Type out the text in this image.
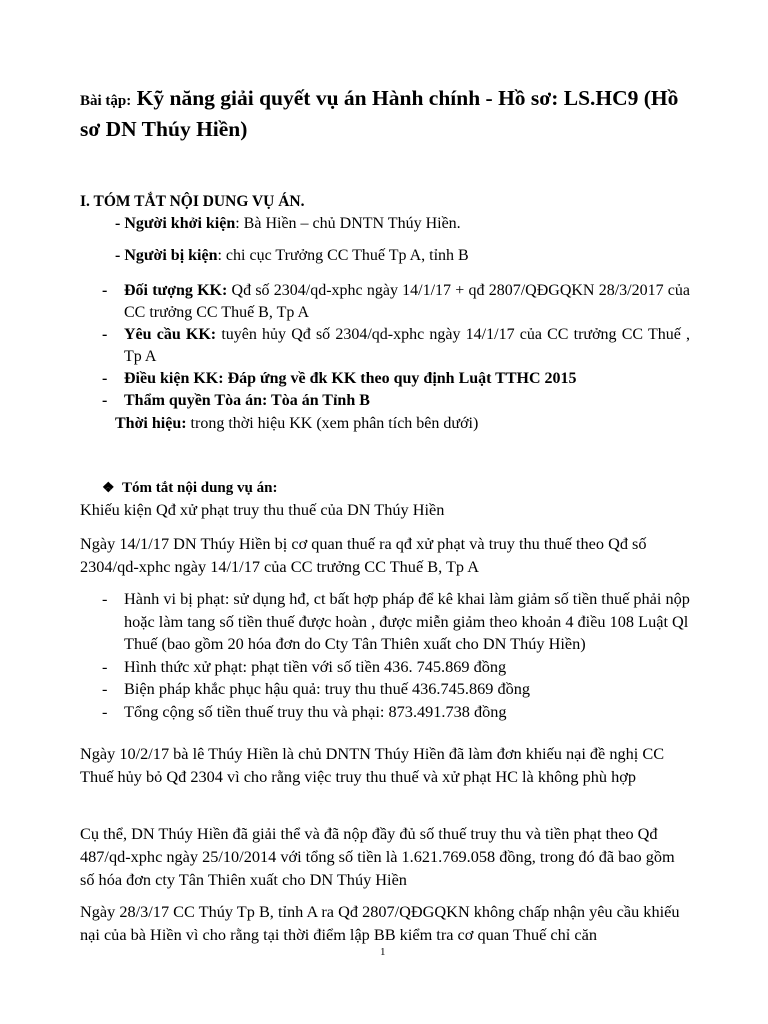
Bài tập: Kỹ năng giải quyết vụ án Hành chính - Hồ sơ: LS.HC9 (Hồ sơ DN Thúy Hiền)
I. TÓM TẮT NỘI DUNG VỤ ÁN.
- Người khởi kiện: Bà Hiền – chủ DNTN Thúy Hiền.
- Người bị kiện: chi cục Trưởng CC Thuế Tp A, tỉnh B
- Đối tượng KK: Qđ số 2304/qd-xphc ngày 14/1/17 + qđ 2807/QĐGQKN 28/3/2017 của CC trưởng CC Thuế B, Tp A
- Yêu cầu KK: tuyên hủy Qđ số 2304/qd-xphc ngày 14/1/17 của CC trưởng CC Thuế , Tp A
- Điều kiện KK: Đáp ứng về đk KK theo quy định Luật TTHC 2015
- Thẩm quyền Tòa án: Tòa án Tỉnh B
Thời hiệu: trong thời hiệu KK (xem phân tích bên dưới)
❖ Tóm tắt nội dung vụ án:
Khiếu kiện Qđ xử phạt truy thu thuế của DN Thúy Hiền
Ngày 14/1/17 DN Thúy Hiền bị cơ quan thuế ra qđ xử phạt và truy thu thuế theo Qđ số 2304/qd-xphc ngày 14/1/17 của CC trưởng CC Thuế B, Tp A
- Hành vi bị phạt: sử dụng hđ, ct bất hợp pháp để kê khai làm giảm số tiền thuế phải nộp hoặc làm tang số tiền thuế được hoàn , được miễn giảm theo khoản 4 điều 108 Luật Ql Thuế (bao gồm 20 hóa đơn do Cty Tân Thiên xuất cho DN Thúy Hiền)
- Hình thức xử phạt: phạt tiền với số tiền 436. 745.869 đồng
- Biện pháp khắc phục hậu quả: truy thu thuế 436.745.869 đồng
- Tổng cộng số tiền thuế truy thu và phại: 873.491.738 đồng
Ngày 10/2/17 bà lê Thúy Hiền là chủ DNTN Thúy Hiền đã làm đơn khiếu nại đề nghị CC Thuế hủy bỏ Qđ 2304 vì cho rằng việc truy thu thuế và xử phạt HC là không phù hợp
Cụ thể, DN Thúy Hiền đã giải thể và đã nộp đầy đủ số thuế truy thu và tiền phạt theo Qđ 487/qd-xphc ngày 25/10/2014 với tổng số tiền là 1.621.769.058 đồng, trong đó đã bao gồm số hóa đơn cty Tân Thiên xuất cho DN Thúy Hiền
Ngày 28/3/17 CC Thúy Tp B, tỉnh A ra Qđ 2807/QĐGQKN không chấp nhận yêu cầu khiếu nại của bà Hiền vì cho rằng tại thời điểm lập BB kiểm tra cơ quan Thuế chỉ căn
1
